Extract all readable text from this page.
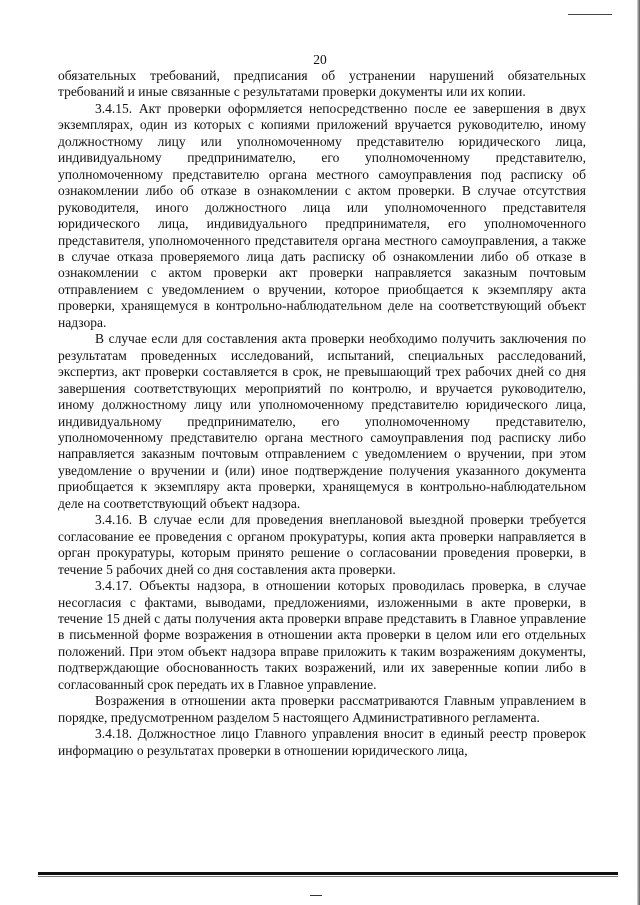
20

обязательных требований, предписания об устранении нарушений обязательных требований и иные связанные с результатами проверки документы или их копии.

3.4.15. Акт проверки оформляется непосредственно после ее завершения в двух экземплярах, один из которых с копиями приложений вручается руководителю, иному должностному лицу или уполномоченному представителю юридического лица, индивидуальному предпринимателю, его уполномоченному представителю, уполномоченному представителю органа местного самоуправления под расписку об ознакомлении либо об отказе в ознакомлении с актом проверки. В случае отсутствия руководителя, иного должностного лица или уполномоченного представителя юридического лица, индивидуального предпринимателя, его уполномоченного представителя, уполномоченного представителя органа местного самоуправления, а также в случае отказа проверяемого лица дать расписку об ознакомлении либо об отказе в ознакомлении с актом проверки акт проверки направляется заказным почтовым отправлением с уведомлением о вручении, которое приобщается к экземпляру акта проверки, хранящемуся в контрольно-наблюдательном деле на соответствующий объект надзора.

В случае если для составления акта проверки необходимо получить заключения по результатам проведенных исследований, испытаний, специальных расследований, экспертиз, акт проверки составляется в срок, не превышающий трех рабочих дней со дня завершения соответствующих мероприятий по контролю, и вручается руководителю, иному должностному лицу или уполномоченному представителю юридического лица, индивидуальному предпринимателю, его уполномоченному представителю, уполномоченному представителю органа местного самоуправления под расписку либо направляется заказным почтовым отправлением с уведомлением о вручении, при этом уведомление о вручении и (или) иное подтверждение получения указанного документа приобщается к экземпляру акта проверки, хранящемуся в контрольно-наблюдательном деле на соответствующий объект надзора.

3.4.16. В случае если для проведения внеплановой выездной проверки требуется согласование ее проведения с органом прокуратуры, копия акта проверки направляется в орган прокуратуры, которым принято решение о согласовании проведения проверки, в течение 5 рабочих дней со дня составления акта проверки.

3.4.17. Объекты надзора, в отношении которых проводилась проверка, в случае несогласия с фактами, выводами, предложениями, изложенными в акте проверки, в течение 15 дней с даты получения акта проверки вправе представить в Главное управление в письменной форме возражения в отношении акта проверки в целом или его отдельных положений. При этом объект надзора вправе приложить к таким возражениям документы, подтверждающие обоснованность таких возражений, или их заверенные копии либо в согласованный срок передать их в Главное управление.

Возражения в отношении акта проверки рассматриваются Главным управлением в порядке, предусмотренном разделом 5 настоящего Административного регламента.

3.4.18. Должностное лицо Главного управления вносит в единый реестр проверок информацию о результатах проверки в отношении юридического лица,
